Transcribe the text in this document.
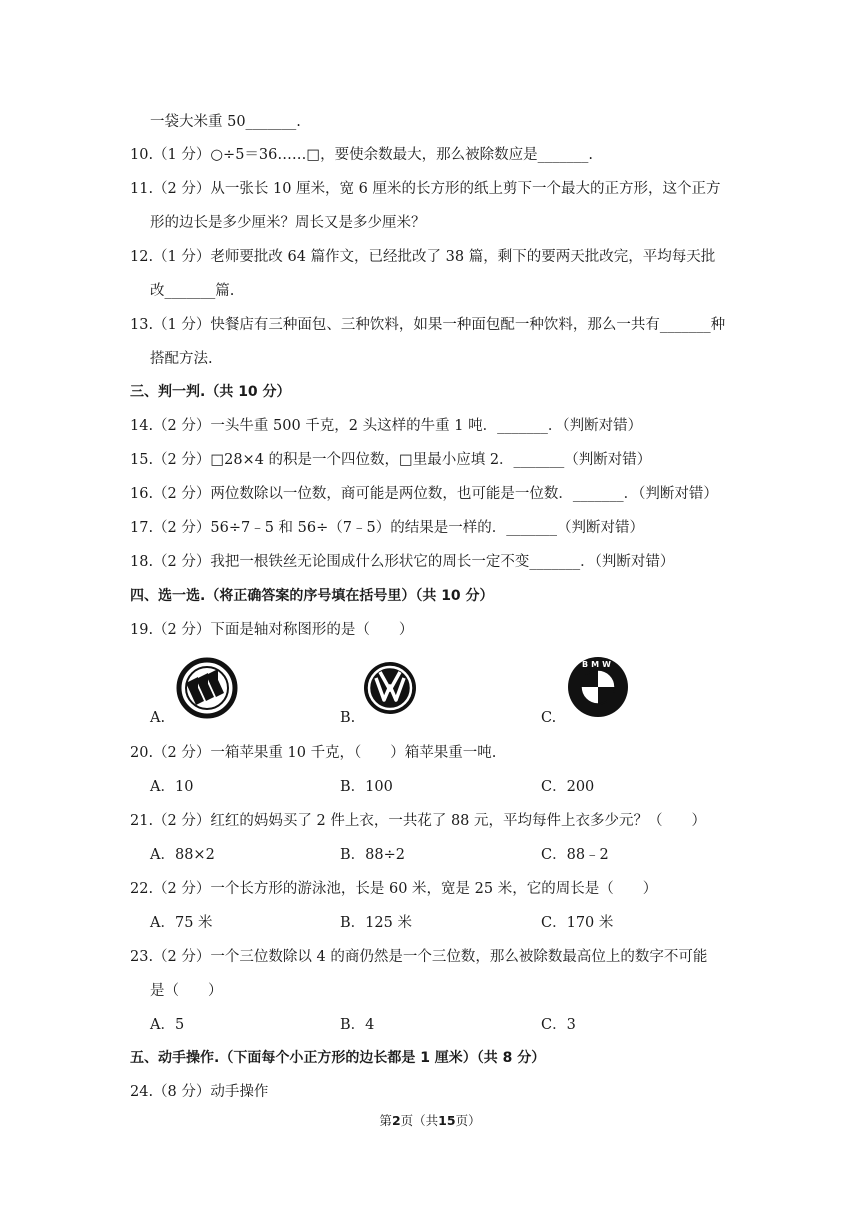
一袋大米重 50_______.
10.（1 分）○÷5＝36……□，要使余数最大，那么被除数应是_______.
11.（2 分）从一张长 10 厘米，宽 6 厘米的长方形的纸上剪下一个最大的正方形，这个正方
形的边长是多少厘米？周长又是多少厘米？
12.（1 分）老师要批改 64 篇作文，已经批改了 38 篇，剩下的要两天批改完，平均每天批
改_______篇.
13.（1 分）快餐店有三种面包、三种饮料，如果一种面包配一种饮料，那么一共有_______种
搭配方法.
三、判一判.（共 10 分）
14.（2 分）一头牛重 500 千克，2 头这样的牛重 1 吨．_______．（判断对错）
15.（2 分）□28×4 的积是一个四位数，□里最小应填 2．_______（判断对错）
16.（2 分）两位数除以一位数，商可能是两位数，也可能是一位数．_______．（判断对错）
17.（2 分）56÷7﹣5 和 56÷（7﹣5）的结果是一样的．_______（判断对错）
18.（2 分）我把一根铁丝无论围成什么形状它的周长一定不变_______．（判断对错）
四、选一选.（将正确答案的序号填在括号里）（共 10 分）
19.（2 分）下面是轴对称图形的是（　　）
A.	B.	C.
BMW
20.（2 分）一箱苹果重 10 千克，（　　）箱苹果重一吨.
A．10	B．100	C．200
21.（2 分）红红的妈妈买了 2 件上衣，一共花了 88 元，平均每件上衣多少元？（　　）
A．88×2	B．88÷2	C．88﹣2
22.（2 分）一个长方形的游泳池，长是 60 米，宽是 25 米，它的周长是（　　）
A．75 米	B．125 米	C．170 米
23.（2 分）一个三位数除以 4 的商仍然是一个三位数，那么被除数最高位上的数字不可能
是（　　）
A．5	B．4	C．3
五、动手操作.（下面每个小正方形的边长都是 1 厘米）（共 8 分）
24.（8 分）动手操作
第2页（共15页）
